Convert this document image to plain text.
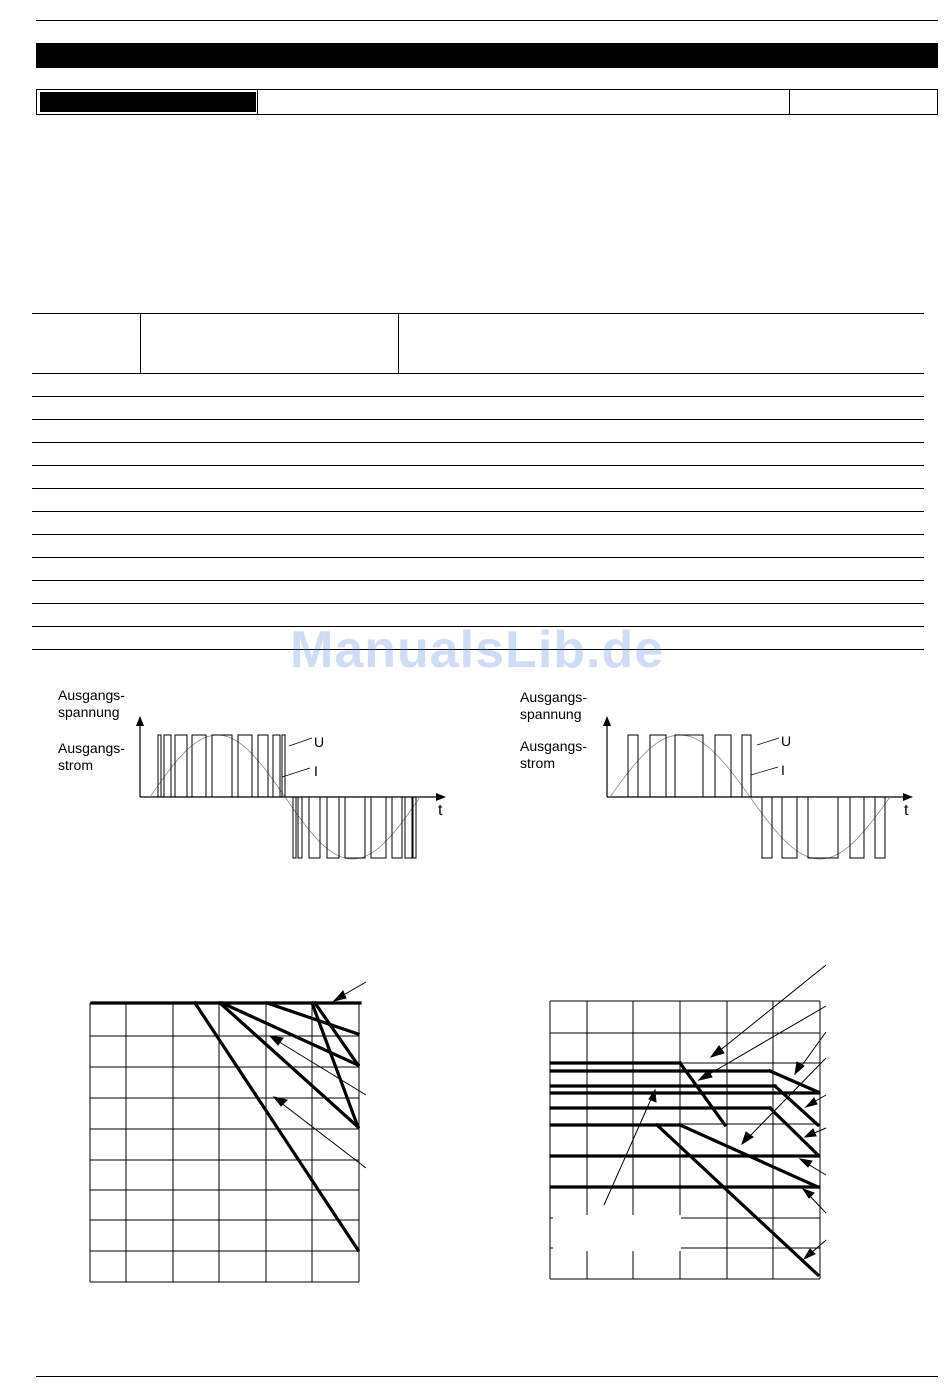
ManualsLib.de
Ausgangs-
spannung
Ausgangs-
strom
U
I
t
Ausgangs-
spannung
Ausgangs-
strom
U
I
t
